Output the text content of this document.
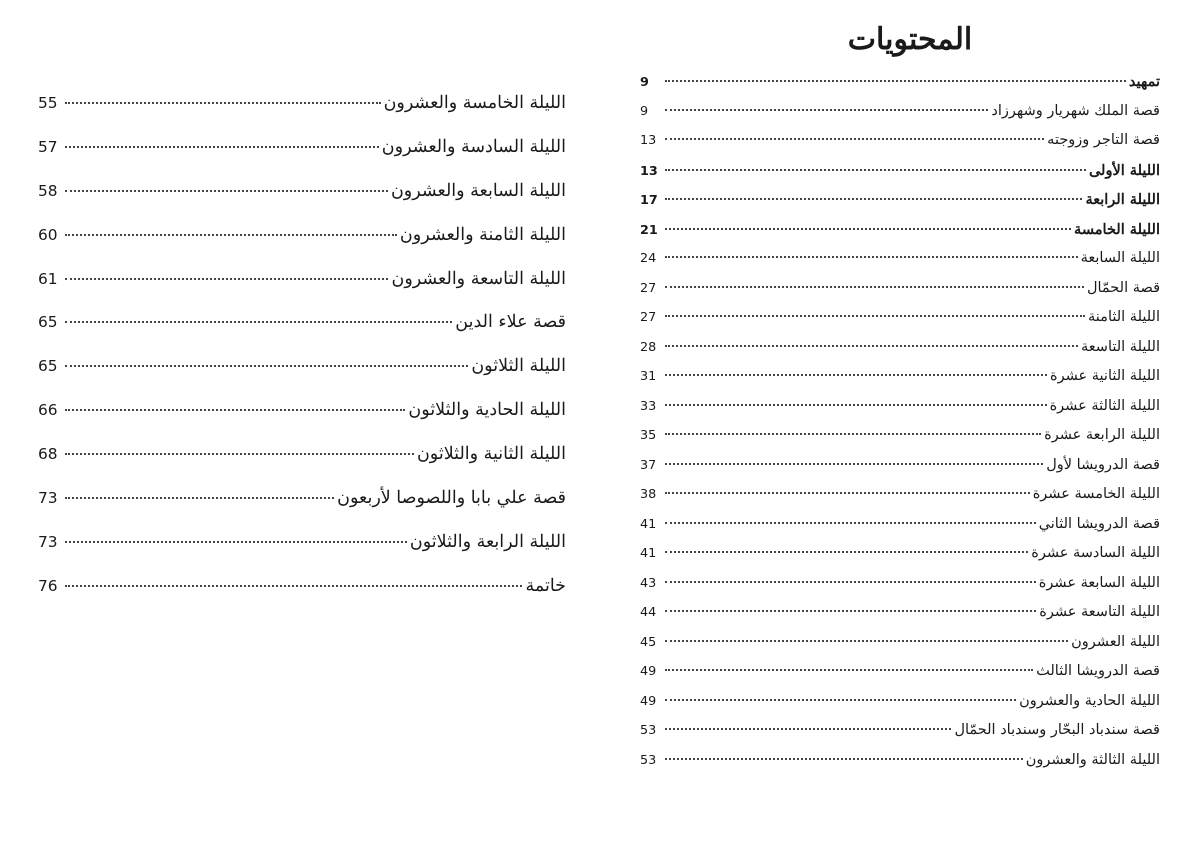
المحتويات
تمهيد
9
قصة الملك شهريار وشهرزاد
9
قصة التاجر وزوجته
13
الليلة الأولى
13
الليلة الرابعة
17
الليلة الخامسة
21
الليلة السابعة
24
قصة الحمّال
27
الليلة الثامنة
27
الليلة التاسعة
28
الليلة الثانية عشرة
31
الليلة الثالثة عشرة
33
الليلة الرابعة عشرة
35
قصة الدرويشا لأول
37
الليلة الخامسة عشرة
38
قصة الدرويشا الثاني
41
الليلة السادسة عشرة
41
الليلة السابعة عشرة
43
الليلة التاسعة عشرة
44
الليلة العشرون
45
قصة الدرويشا الثالث
49
الليلة الحادية والعشرون
49
قصة سندباد البحّار وسندباد الحمّال
53
الليلة الثالثة والعشرون
53
الليلة الخامسة والعشرون
55
الليلة السادسة والعشرون
57
الليلة السابعة والعشرون
58
الليلة الثامنة والعشرون
60
الليلة التاسعة والعشرون
61
قصة علاء الدين
65
الليلة الثلاثون
65
الليلة الحادية والثلاثون
66
الليلة الثانية والثلاثون
68
قصة علي بابا واللصوصا لأربعون
73
الليلة الرابعة والثلاثون
73
خاتمة
76
